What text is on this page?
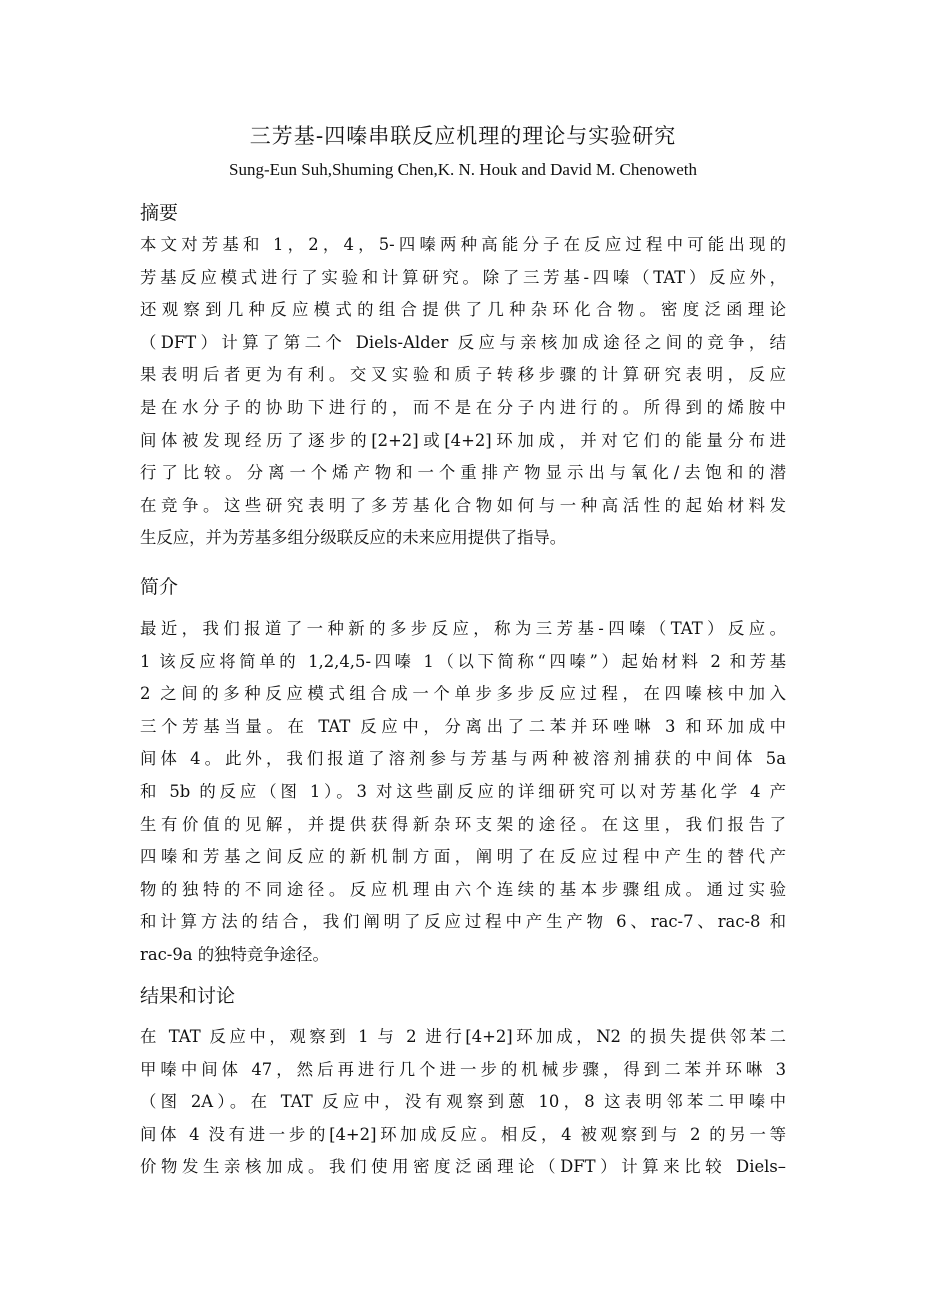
三芳基-四嗪串联反应机理的理论与实验研究
Sung-Eun Suh,Shuming Chen,K. N. Houk and David M. Chenoweth
摘要
本文对芳基和 1，2，4，5-四嗪两种高能分子在反应过程中可能出现的
芳基反应模式进行了实验和计算研究。除了三芳基-四嗪（TAT）反应外，
还观察到几种反应模式的组合提供了几种杂环化合物。密度泛函理论
（DFT）计算了第二个 Diels-Alder 反应与亲核加成途径之间的竞争，结
果表明后者更为有利。交叉实验和质子转移步骤的计算研究表明，反应
是在水分子的协助下进行的，而不是在分子内进行的。所得到的烯胺中
间体被发现经历了逐步的[2+2]或[4+2]环加成，并对它们的能量分布进
行了比较。分离一个烯产物和一个重排产物显示出与氧化/去饱和的潜
在竞争。这些研究表明了多芳基化合物如何与一种高活性的起始材料发
生反应，并为芳基多组分级联反应的未来应用提供了指导。
简介
最近，我们报道了一种新的多步反应，称为三芳基-四嗪（TAT）反应。
1 该反应将简单的 1,2,4,5-四嗪 1（以下简称“四嗪”）起始材料 2 和芳基
2 之间的多种反应模式组合成一个单步多步反应过程，在四嗪核中加入
三个芳基当量。在 TAT 反应中，分离出了二苯并环唑啉 3 和环加成中
间体 4。此外，我们报道了溶剂参与芳基与两种被溶剂捕获的中间体 5a
和 5b 的反应（图 1）。3 对这些副反应的详细研究可以对芳基化学 4 产
生有价值的见解，并提供获得新杂环支架的途径。在这里，我们报告了
四嗪和芳基之间反应的新机制方面，阐明了在反应过程中产生的替代产
物的独特的不同途径。反应机理由六个连续的基本步骤组成。通过实验
和计算方法的结合，我们阐明了反应过程中产生产物 6、rac-7、rac-8 和
rac-9a 的独特竞争途径。
结果和讨论
在 TAT 反应中，观察到 1 与 2 进行[4+2]环加成，N2 的损失提供邻苯二
甲嗪中间体 47，然后再进行几个进一步的机械步骤，得到二苯并环啉 3
（图 2A）。在 TAT 反应中，没有观察到蒽 10，8 这表明邻苯二甲嗪中
间体 4 没有进一步的[4+2]环加成反应。相反，4 被观察到与 2 的另一等
价物发生亲核加成。我们使用密度泛函理论（DFT）计算来比较 Diels–
